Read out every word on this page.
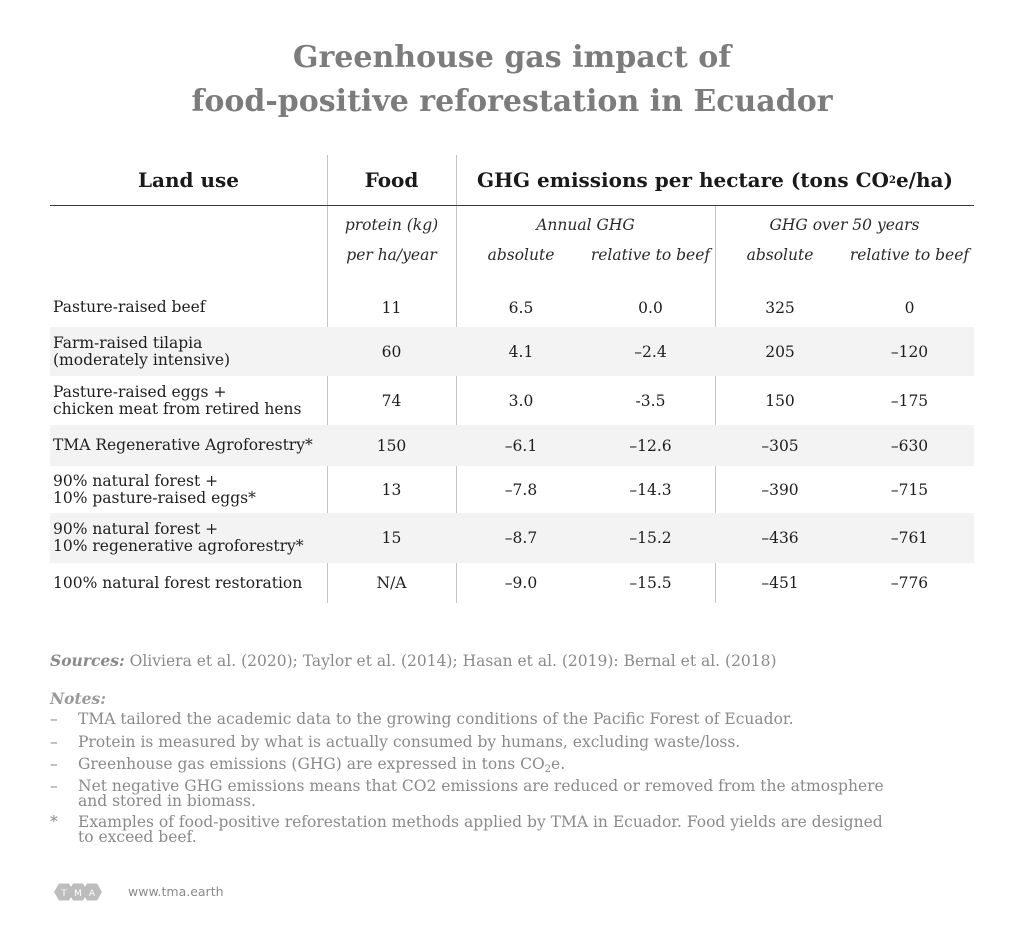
Greenhouse gas impact of
food-positive reforestation in Ecuador
Land use	Food	GHG emissions per hectare (tons CO 2 e/ha)
protein (kg)
per ha/year
Annual GHG	GHG over 50 years
absolute	relative to beef	absolute	relative to beef
Pasture-raised beef	11	6.5	0.0	325	0
Farm-raised tilapia
(moderately intensive)	60	4.1	–2.4	205	–120
Pasture-raised eggs +
chicken meat from retired hens	74	3.0	-3.5	150	–175
TMA Regenerative Agroforestry*	150	–6.1	–12.6	–305	–630
90% natural forest +
10% pasture-raised eggs*	13	–7.8	–14.3	–390	–715
90% natural forest +
10% regenerative agroforestry*	15	–8.7	–15.2	–436	–761
100% natural forest restoration	N/A	–9.0	–15.5	–451	–776
Sources: Oliviera et al. (2020); Taylor et al. (2014); Hasan et al. (2019): Bernal et al. (2018)
Notes:
–	TMA tailored the academic data to the growing conditions of the Pacific Forest of Ecuador.
–	Protein is measured by what is actually consumed by humans, excluding waste/loss.
–	Greenhouse gas emissions (GHG) are expressed in tons $CO_2e$.
–	Net negative GHG emissions means that CO2 emissions are reduced or removed from the atmosphere and stored in biomass.
*	Examples of food-positive reforestation methods applied by TMA in Ecuador. Food yields are designed to exceed beef.
T M A	www.tma.earth
